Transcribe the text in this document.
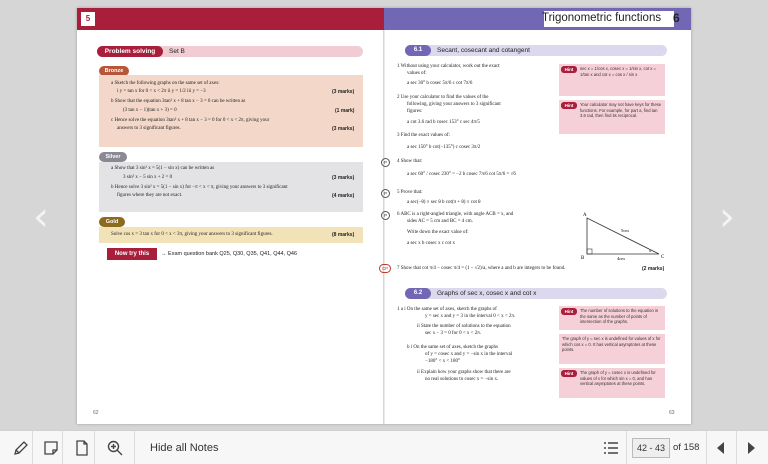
‹	›
5	Trigonometric functions 6
Problem solving	Set B
Bronze
a Sketch the following graphs on the same set of axes:
i y = tan x for 0 < x < 2π ii y = 1/2 iii y = −3	(3 marks)
b Show that the equation 3tan² x + 8 tan x − 3 = 0 can be written as
(3 tan x − 1)(tan x + 3) = 0	(1 mark)
c Hence solve the equation 3tan² x + 8 tan x − 3 = 0 for 0 < x < 2π, giving your
answers to 3 significant figures.	(3 marks)
Silver
a Show that 3 sin² x = 5(1 − sin x) can be written as
3 sin² x − 5 sin x + 2 = 0	(3 marks)
b Hence solve 3 sin² x = 5(1 − sin x) for −π < x < π, giving your answers to 3 significant
figures where they are not exact.	(4 marks)
Gold
Solve cos x = 3 tan x for 0 < x < 3π, giving your answers to 3 significant figures.	(8 marks)
Now try this	→ Exam question bank Q25, Q30, Q35, Q41, Q44, Q46
62
6.1	Secant, cosecant and cotangent
1 Without using your calculator, work out the exact
values of:
a sec 30° b cosec 5π/6 c cot 7π/6
2 Use your calculator to find the values of the
following, giving your answers to 3 significant
figures:
a cot 3.6 rad b cosec 153° c sec 4π/5
3 Find the exact values of:
a sec 150° b cot(−135°) c cosec 3π/2
P	4 Show that:
a sec 60° / cosec 230° = −2 b cosec 7π/6 cot 5π/6 = √6
P	5 Prove that:
a sec(−θ) ≡ sec θ b cot(π + θ) ≡ cot θ
P	6 ABC is a right-angled triangle, with angle ACB = x, and
sides AC = 5 cm and BC = 4 cm.
Write down the exact value of:
a sec x b cosec x c cot x
A
5cm
x
B	4cm	C
CP	7 Show that cot π/4 − cosec π/4 = (1 − √2)/a, where a and b are integers to be found.	(2 marks)
Hint	sec x = 1/cos x, cosec x = 1/sin x, cot x = 1/tan x and cot x = cos x / sin x
Hint	Your calculator may not have keys for these functions. For example, for part a, find tan 3.6 rad, then find its reciprocal.
6.2	Graphs of sec x, cosec x and cot x
1 a i On the same set of axes, sketch the graphs of
y = sec x and y = 3 in the interval 0 < x < 2π.
ii State the number of solutions to the equation
sec x − 3 = 0 for 0 < x < 2π.
b i On the same set of axes, sketch the graphs
of y = cosec x and y = −sin x in the interval
−180° < x < 180°
ii Explain how your graphs show that there are
no real solutions to cosec x = −sin x.
Hint	The number of solutions to the equation is the same as the number of points of intersection of the graphs.
The graph of y = sec x is undefined for values of x for which cos x = 0. It has vertical asymptotes at these points.
Hint	The graph of y = cosec x is undefined for values of x for which sin x = 0, and has vertical asymptotes at these points.
63
Hide all Notes	42 - 43 of 158
